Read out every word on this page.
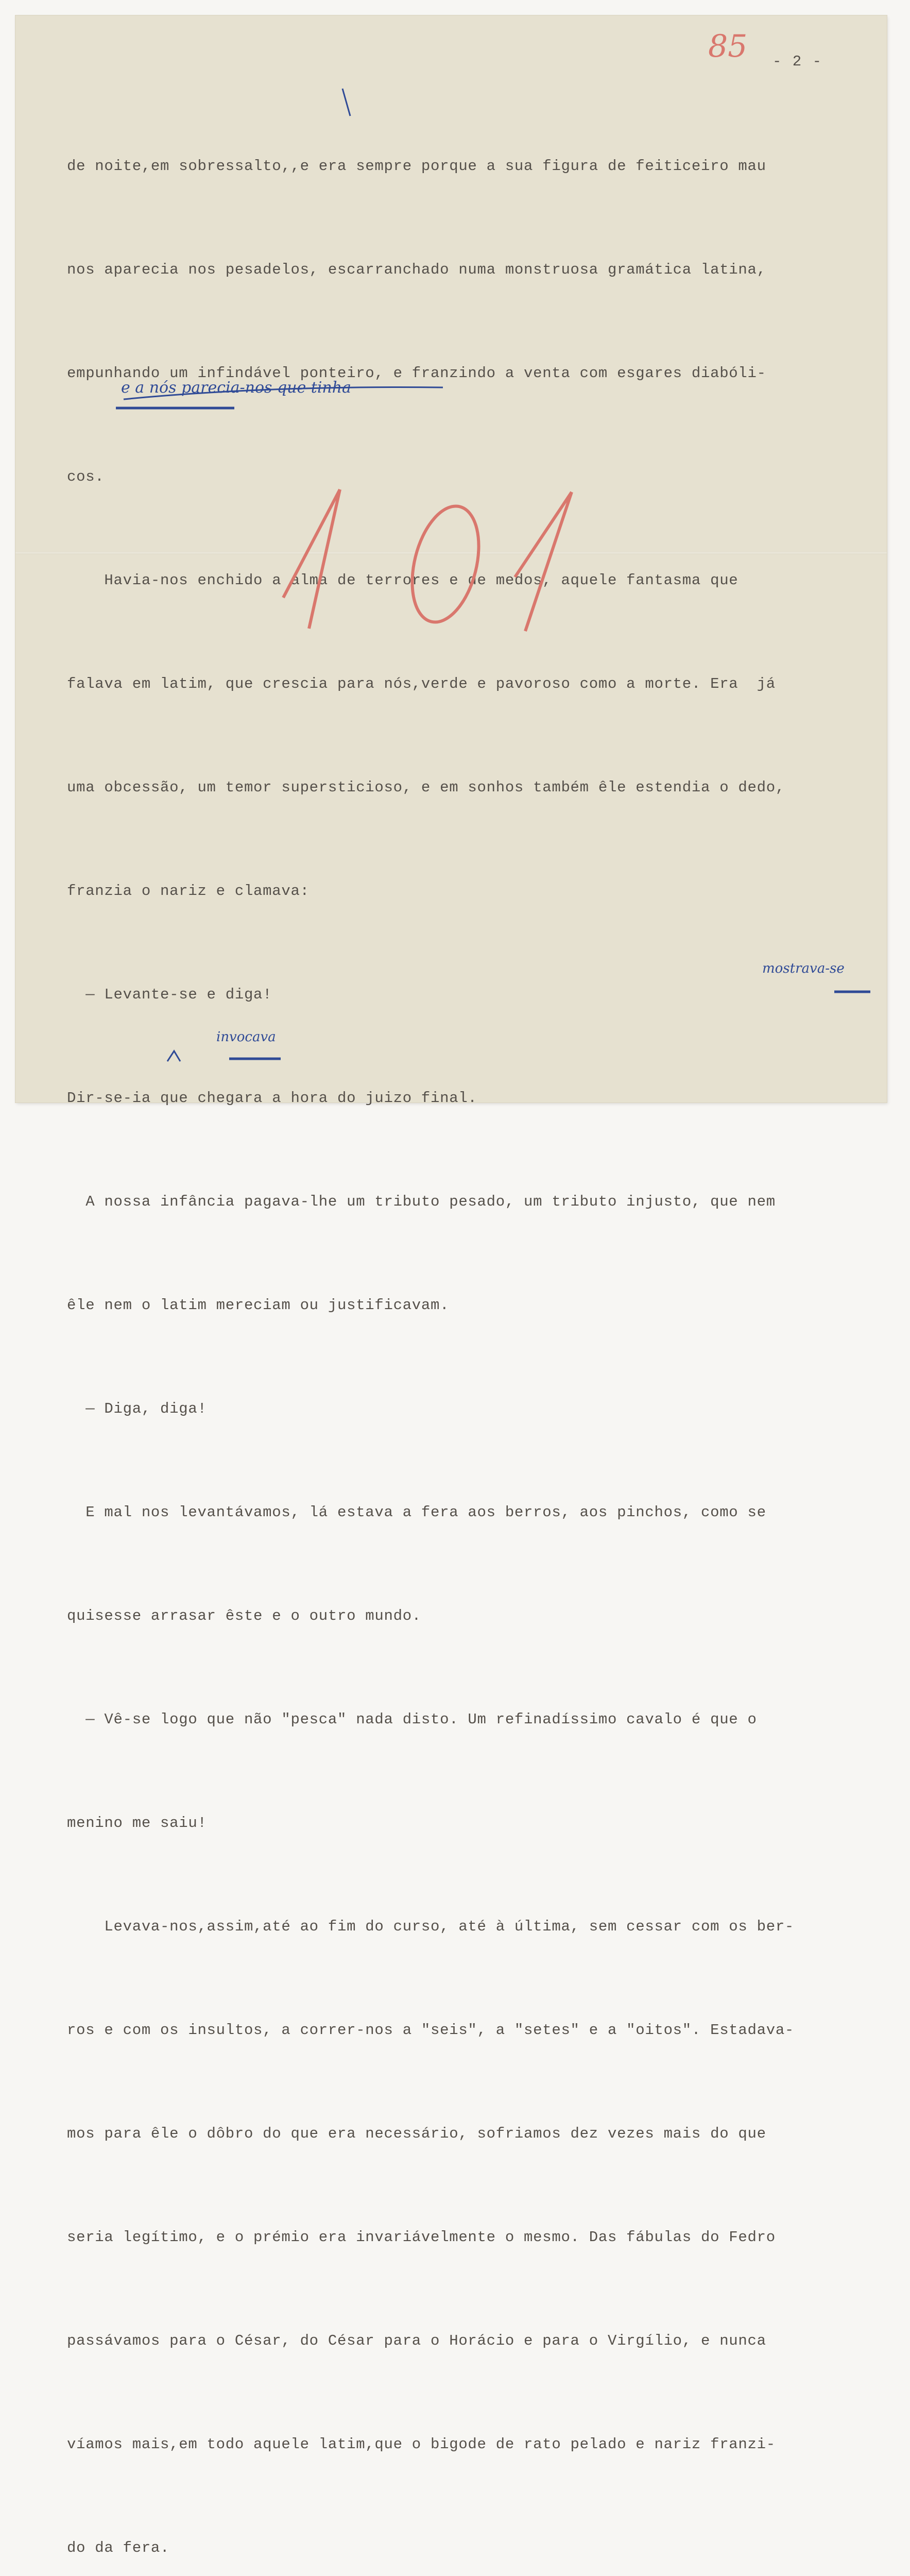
85 - 2 -

de noite,em sobressalto,,e era sempre porque a sua figura de feiticeiro mau

nos aparecia nos pesadelos, escarranchado numa monstruosa gramática latina,

empunhando um infindável ponteiro, e franzindo a venta com esgares diabóli-

cos.

Havia-nos enchido a alma de terrores e de medos, aquele fantasma que

falava em latim, que crescia para nós,verde e pavoroso como a morte. Era  já

uma obcessão, um temor supersticioso, e em sonhos também êle estendia o dedo,

franzia o nariz e clamava:

— Levante-se e diga!

Dir-se-ia que chegara a hora do juizo final.

A nossa infância pagava-lhe um tributo pesado, um tributo injusto, que nem

êle nem o latim mereciam ou justificavam.

— Diga, diga!

E mal nos levantávamos, lá estava a fera aos berros, aos pinchos, como se

quisesse arrasar êste e o outro mundo.

— Vê-se logo que não "pesca" nada disto. Um refinadíssimo cavalo é que o

menino me saiu!

Levava-nos,assim,até ao fim do curso, até à última, sem cessar com os ber-

ros e com os insultos, a correr-nos a "seis", a "setes" e a "oitos". Estadava-

mos para êle o dôbro do que era necessário, sofriamos dez vezes mais do que

seria legítimo, e o prémio era invariávelmente o mesmo. Das fábulas do Fedro

passávamos para o César, do César para o Horácio e para o Virgílio, e nunca

víamos mais,em todo aquele latim,que o bigode de rato pelado e nariz franzi-

do da fera.

e a nós parecia-nos que tinha
mostrava-se
invocava
